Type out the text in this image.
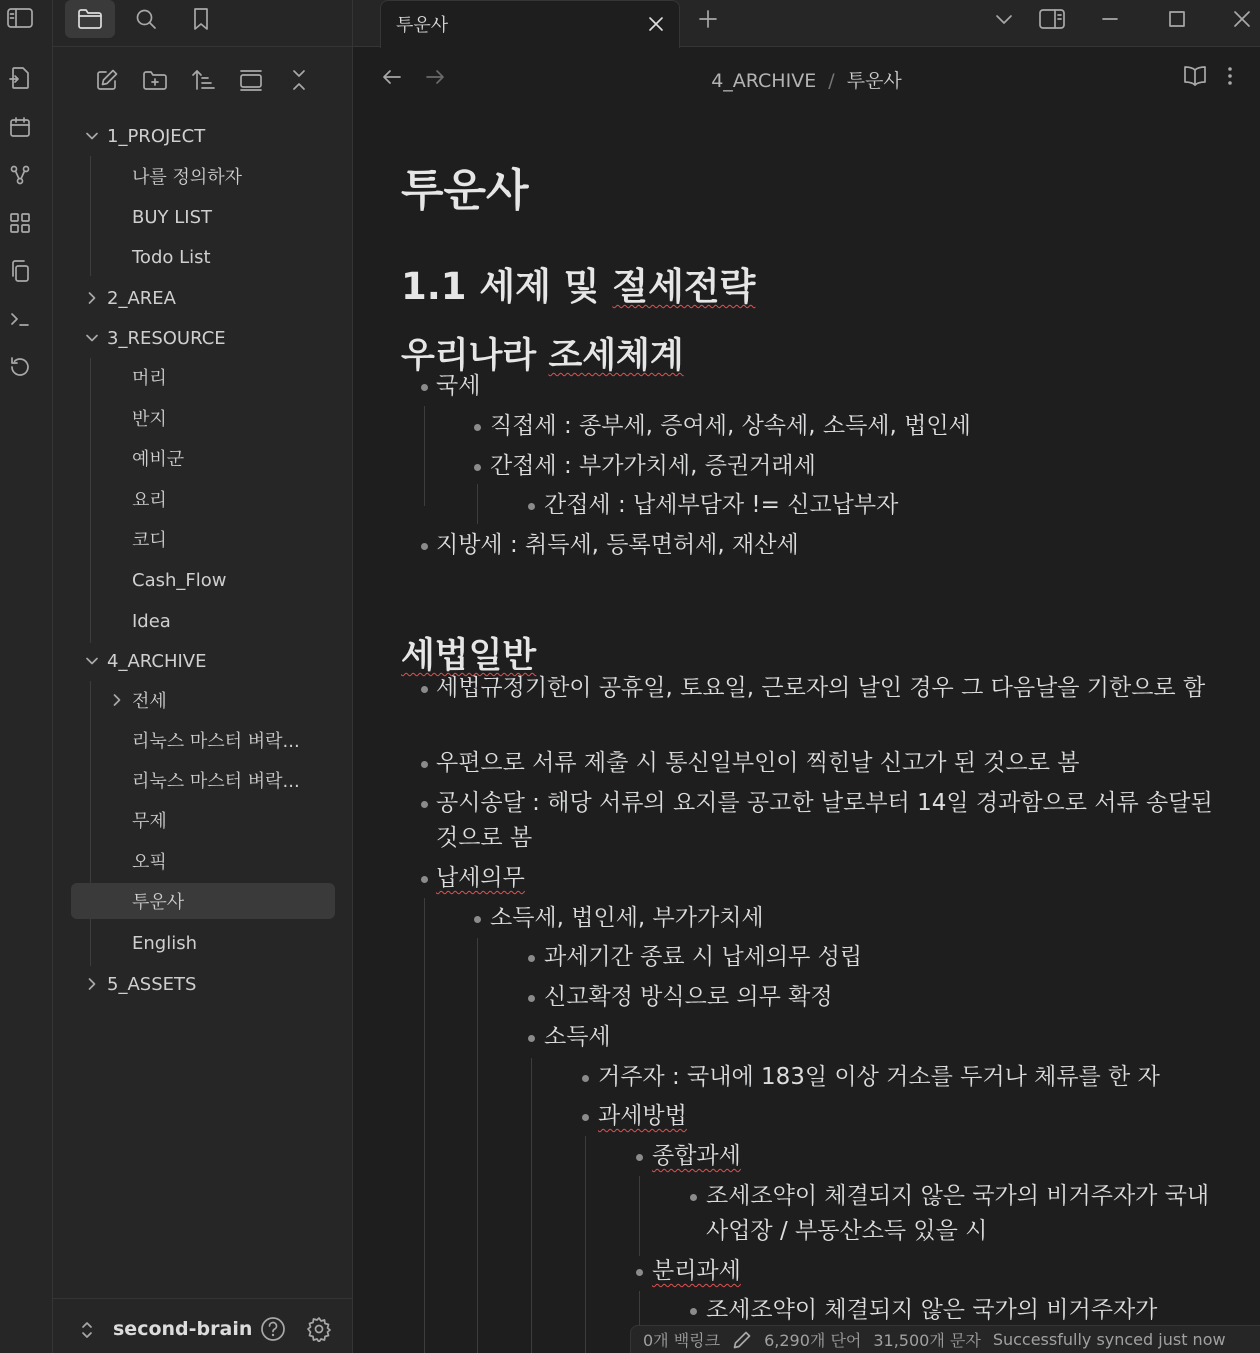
1_PROJECT
나를 정의하자
BUY LIST
Todo List
2_AREA
3_RESOURCE
머리
반지
예비군
요리
코디
Cash_Flow
Idea
4_ARCHIVE
전세
리눅스 마스터 벼락...
리눅스 마스터 벼락...
무제
오픽
투운사
English
5_ASSETS
second-brain
투운사
4_ARCHIVE / 투운사
투운사
1.1 세제 및 절세전략
우리나라 조세체계
국세
직접세 : 종부세, 증여세, 상속세, 소득세, 법인세
간접세 : 부가가치세, 증권거래세
간접세 : 납세부담자 != 신고납부자
지방세 : 취득세, 등록면허세, 재산세
세법일반
세법규정기한이 공휴일, 토요일, 근로자의 날인 경우 그 다음날을 기한으로 함
우편으로 서류 제출 시 통신일부인이 찍힌날 신고가 된 것으로 봄
공시송달 : 해당 서류의 요지를 공고한 날로부터 14일 경과함으로 서류 송달된 것으로 봄
납세의무
소득세, 법인세, 부가가치세
과세기간 종료 시 납세의무 성립
신고확정 방식으로 의무 확정
소득세
거주자 : 국내에 183일 이상 거소를 두거나 체류를 한 자
과세방법
종합과세
조세조약이 체결되지 않은 국가의 비거주자가 국내사업장 / 부동산소득 있을 시
분리과세
조세조약이 체결되지 않은 국가의 비거주자가
0개 백링크	6,290개 단어 31,500개 문자 Successfully synced just now
